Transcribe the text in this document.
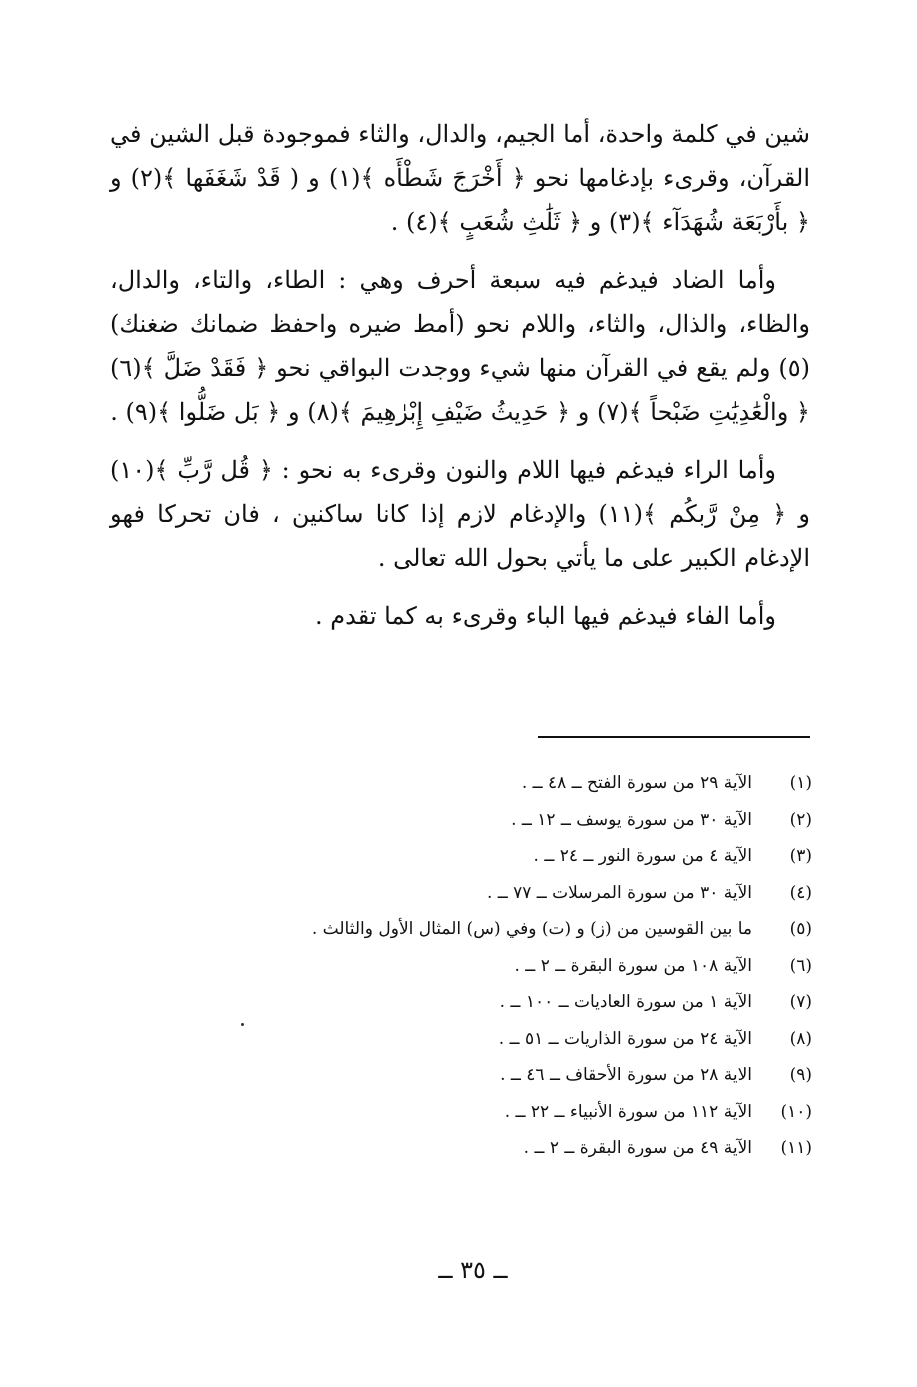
شين في كلمة واحدة، أما الجيم، والدال، والثاء فموجودة قبل الشين في القرآن، وقرىء بإدغامها نحو ﴿ أَخْرَجَ شَطْأَه ﴾(١) و ( قَدْ شَغَفَها ﴾(٢) و ﴿ بأَرْبَعَة شُهَدَآء ﴾(٣) و ﴿ ثَلَٰثِ شُعَبٍ ﴾(٤) .

وأما الضاد فيدغم فيه سبعة أحرف وهي : الطاء، والتاء، والدال، والظاء، والذال، والثاء، واللام نحو (أمط ضيره واحفظ ضمانك ضغنك)(٥) ولم يقع في القرآن منها شيء ووجدت البواقي نحو ﴿ فَقَدْ ضَلَّ ﴾(٦) ﴿ والْعَٰدِيَٰتِ ضَبْحاً ﴾(٧) و ﴿ حَدِيثُ ضَيْفِ إِبْرٰهِيمَ ﴾(٨) و ﴿ بَل ضَلُّوا ﴾(٩) .

وأما الراء فيدغم فيها اللام والنون وقرىء به نحو : ﴿ قُل رَّبِّ ﴾(١٠) و ﴿ مِنْ رَّبكُم ﴾(١١) والإدغام لازم إذا كانا ساكنين ، فان تحركا فهو الإدغام الكبير على ما يأتي بحول الله تعالى .

وأما الفاء فيدغم فيها الباء وقرىء به كما تقدم .

(١)
الآية ٢٩ من سورة الفتح ــ ٤٨ ــ .
(٢)
الآية ٣٠ من سورة يوسف ــ ١٢ ــ .
(٣)
الآية ٤ من سورة النور ــ ٢٤ ــ .
(٤)
الآية ٣٠ من سورة المرسلات ــ ٧٧ ــ .
(٥)
ما بين القوسين من (ز) و (ت) وفي (س) المثال الأول والثالث .
(٦)
الآية ١٠٨ من سورة البقرة ــ ٢ ــ .
(٧)
الآية ١ من سورة العاديات ــ ١٠٠ ــ .
(٨)
الآية ٢٤ من سورة الذاريات ــ ٥١ ــ .
(٩)
الاية ٢٨ من سورة الأحقاف ــ ٤٦ ــ .
(١٠)
الآية ١١٢ من سورة الأنبياء ــ ٢٢ ــ .
(١١)
الآية ٤٩ من سورة البقرة ــ ٢ ــ .
ــ ٣٥ ــ
